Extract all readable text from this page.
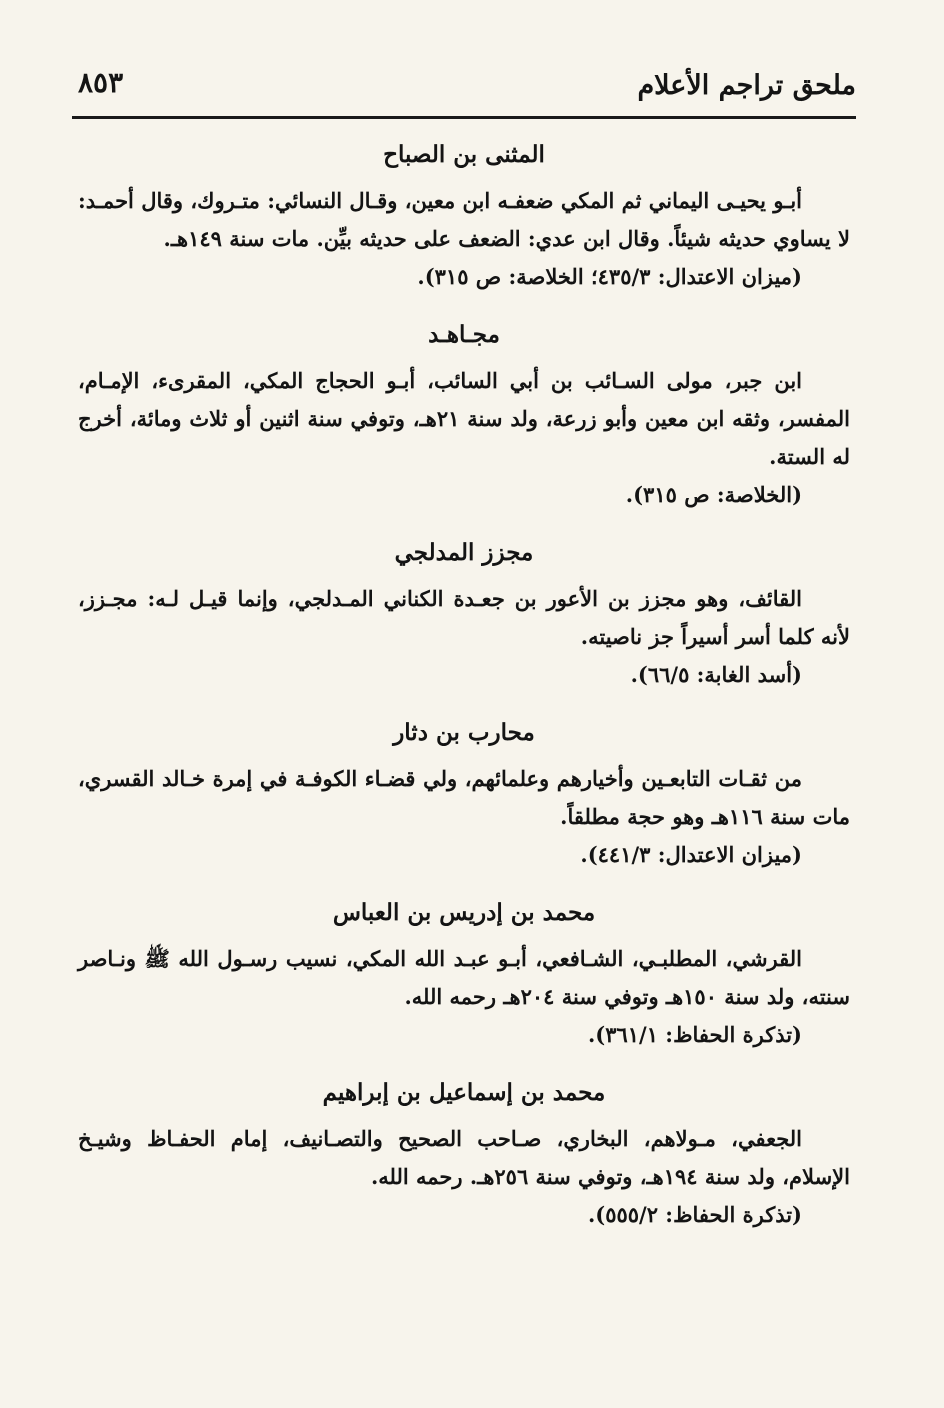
ملحق تراجم الأعلام
٨٥٣
المثنى بن الصباح
أبـو يحيـى اليماني ثم المكي ضعفـه ابن معين، وقـال النسائي: متـروك، وقال أحمـد: لا يساوي حديثه شيئاً. وقال ابن عدي: الضعف على حديثه بيِّن. مات سنة ١٤٩هـ.
(ميزان الاعتدال: ٤٣٥/٣؛ الخلاصة: ص ٣١٥).
مجـاهـد
ابن جبر، مولى السـائب بن أبي السائب، أبـو الحجاج المكي، المقرىء، الإمـام، المفسر، وثقه ابن معين وأبو زرعة، ولد سنة ٢١هـ، وتوفي سنة اثنين أو ثلاث ومائة، أخرج له الستة.
(الخلاصة: ص ٣١٥).
مجزز المدلجي
القائف، وهو مجزز بن الأعور بن جعـدة الكناني المـدلجي، وإنما قيـل لـه: مجـزز، لأنه كلما أسر أسيراً جز ناصيته.
(أسد الغابة: ٦٦/٥).
محارب بن دثار
من ثقـات التابعـين وأخيارهم وعلمائهم، ولي قضـاء الكوفـة في إمرة خـالد القسري، مات سنة ١١٦هـ وهو حجة مطلقاً.
(ميزان الاعتدال: ٤٤١/٣).
محمد بن إدريس بن العباس
القرشي، المطلبـي، الشـافعي، أبـو عبـد الله المكي، نسيب رسـول الله ﷺ ونـاصر سنته، ولد سنة ١٥٠هـ وتوفي سنة ٢٠٤هـ رحمه الله.
(تذكرة الحفاظ: ٣٦١/١).
محمد بن إسماعيل بن إبراهيم
الجعفي، مـولاهم، البخاري، صـاحب الصحيح والتصـانيف، إمام الحفـاظ وشيـخ الإسلام، ولد سنة ١٩٤هـ، وتوفي سنة ٢٥٦هـ. رحمه الله.
(تذكرة الحفاظ: ٥٥٥/٢).
